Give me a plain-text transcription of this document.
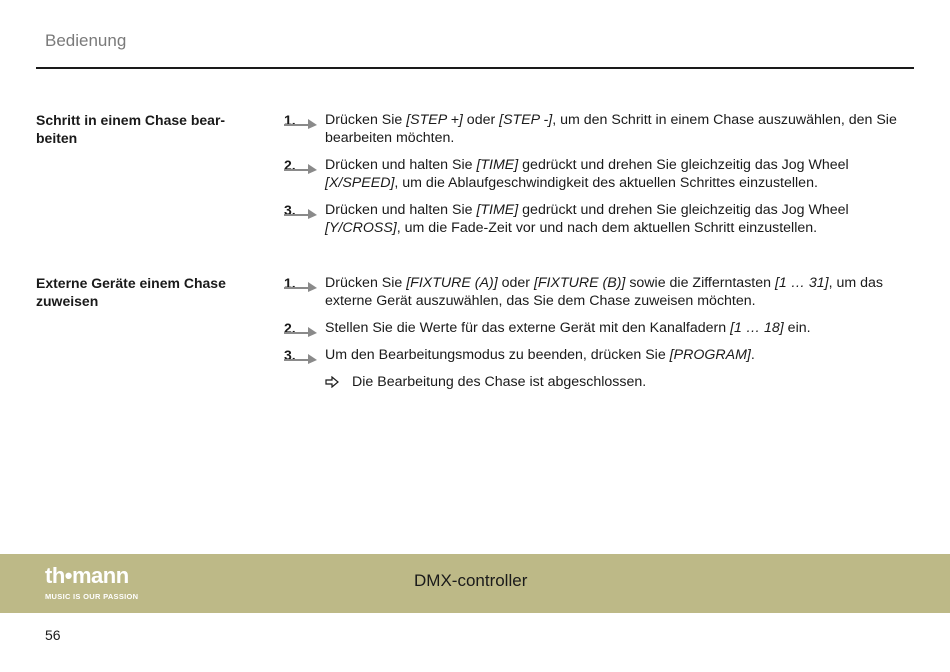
Bedienung
Schritt in einem Chase bear-
beiten
1. Drücken Sie [STEP +] oder [STEP -], um den Schritt in einem Chase auszuwählen, den Sie bearbeiten möchten.
2. Drücken und halten Sie [TIME] gedrückt und drehen Sie gleichzeitig das Jog Wheel [X/SPEED], um die Ablaufgeschwindigkeit des aktuellen Schrittes einzustellen.
3. Drücken und halten Sie [TIME] gedrückt und drehen Sie gleichzeitig das Jog Wheel [Y/CROSS], um die Fade-Zeit vor und nach dem aktuellen Schritt einzustellen.
Externe Geräte einem Chase
zuweisen
1. Drücken Sie [FIXTURE (A)] oder [FIXTURE (B)] sowie die Zifferntasten [1 … 31], um das externe Gerät auszuwählen, das Sie dem Chase zuweisen möchten.
2. Stellen Sie die Werte für das externe Gerät mit den Kanalfadern [1 … 18] ein.
3. Um den Bearbeitungsmodus zu beenden, drücken Sie [PROGRAM].
Die Bearbeitung des Chase ist abgeschlossen.
th•mann
MUSIC IS OUR PASSION
DMX-controller
56
